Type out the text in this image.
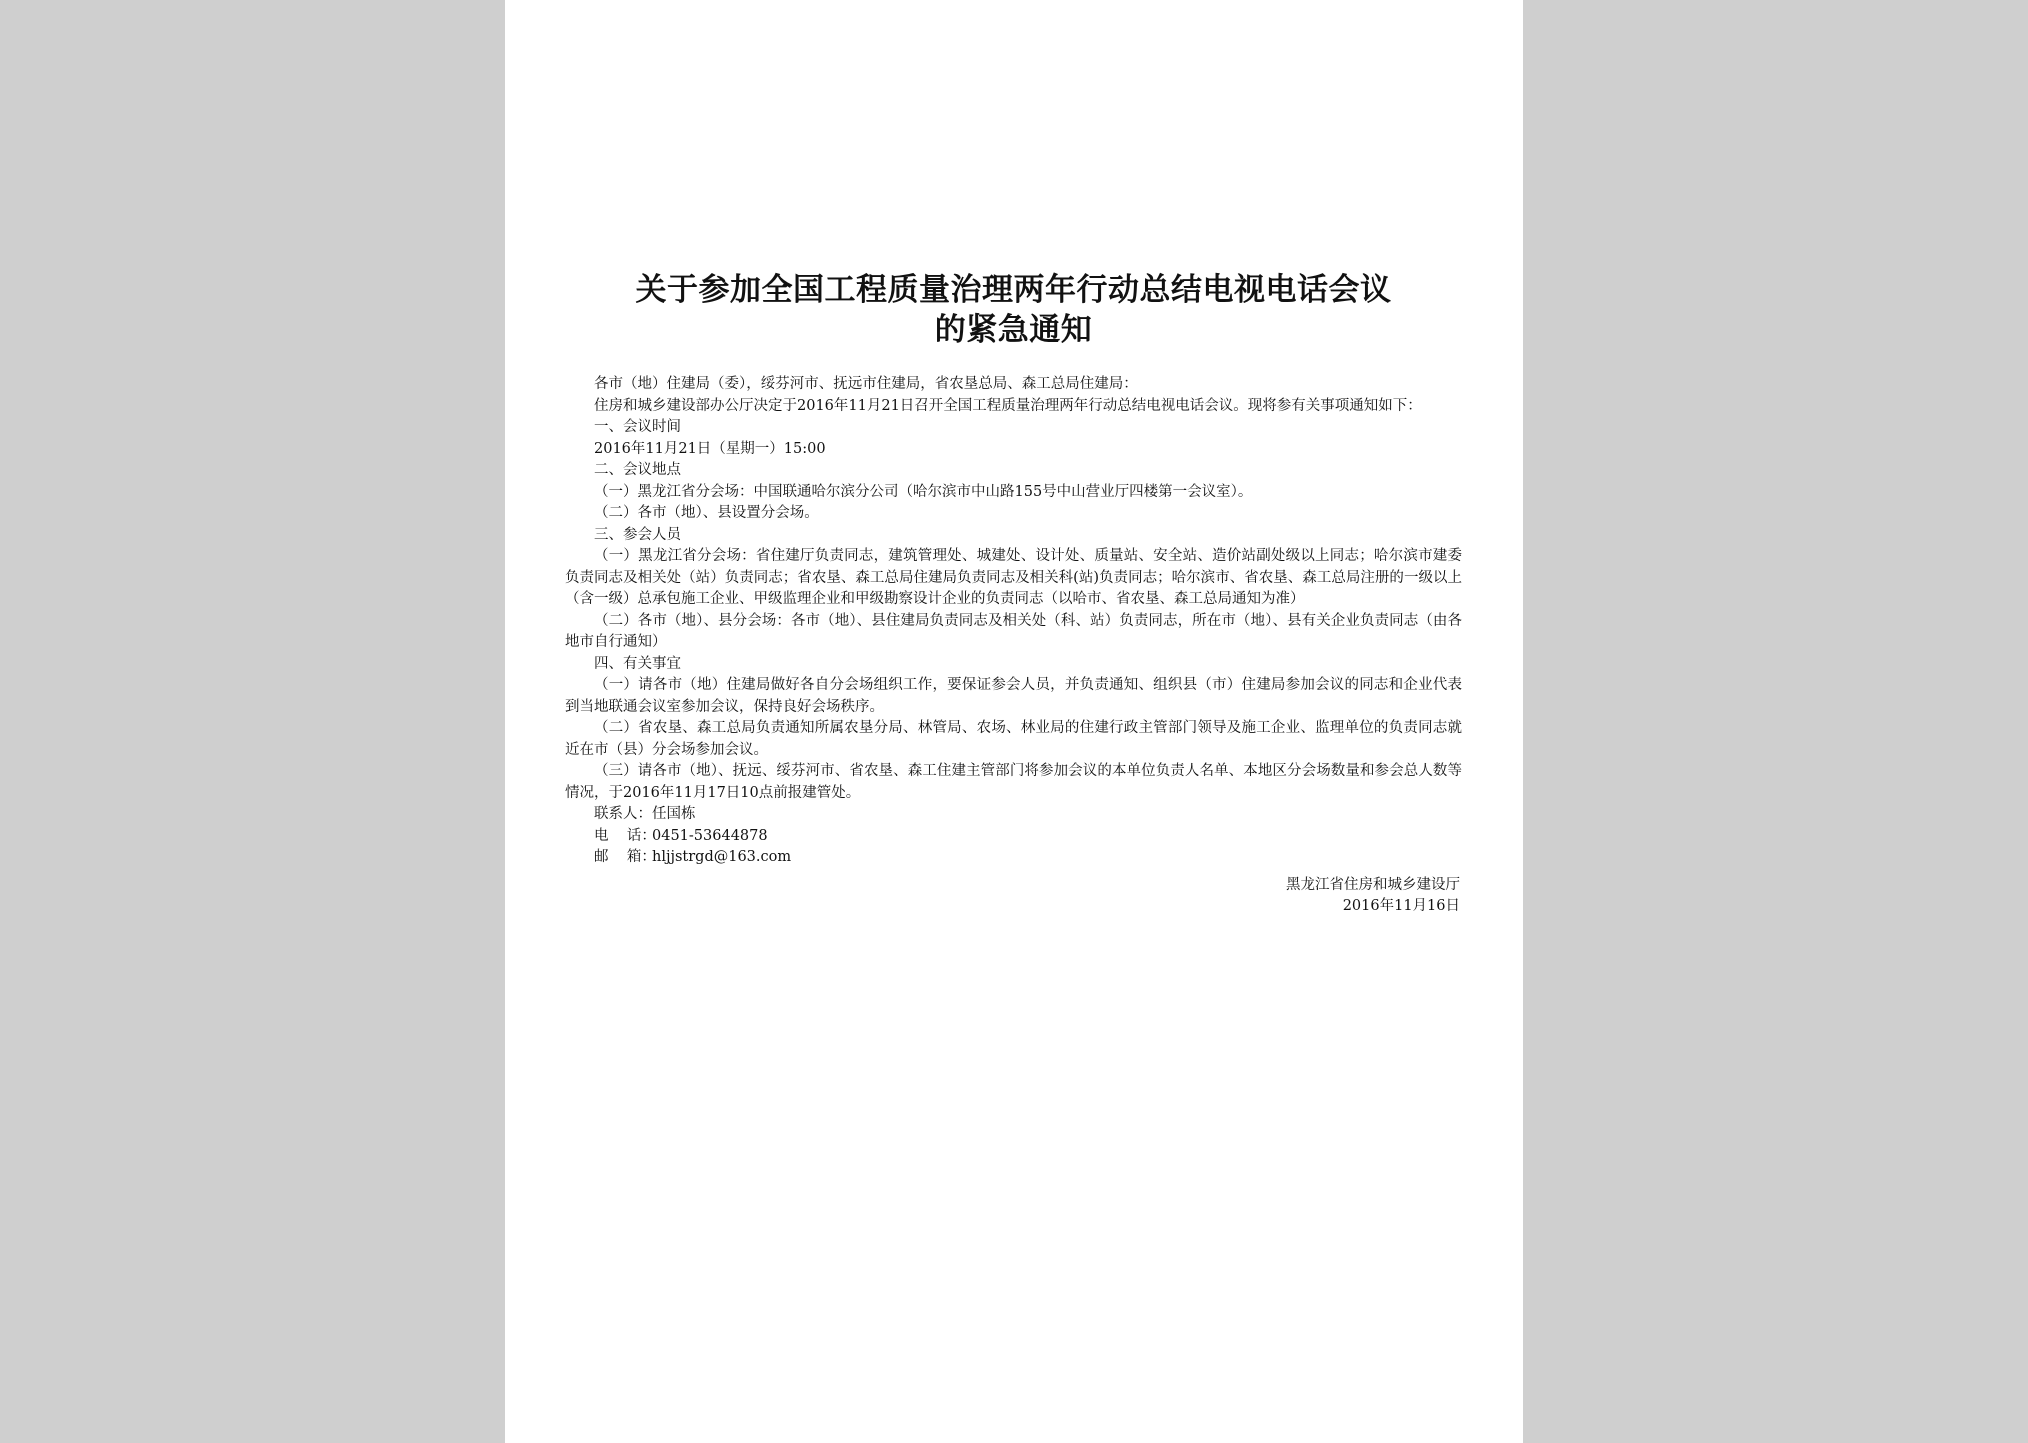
关于参加全国工程质量治理两年行动总结电视电话会议
的紧急通知

各市（地）住建局（委），绥芬河市、抚远市住建局，省农垦总局、森工总局住建局：

住房和城乡建设部办公厅决定于2016年11月21日召开全国工程质量治理两年行动总结电视电话会议。现将参有关事项通知如下：

一、会议时间

2016年11月21日（星期一）15:00

二、会议地点

（一）黑龙江省分会场：中国联通哈尔滨分公司（哈尔滨市中山路155号中山营业厅四楼第一会议室）。

（二）各市（地）、县设置分会场。

三、参会人员

（一）黑龙江省分会场：省住建厅负责同志，建筑管理处、城建处、设计处、质量站、安全站、造价站副处级以上同志；哈尔滨市建委负责同志及相关处（站）负责同志；省农垦、森工总局住建局负责同志及相关科(站)负责同志；哈尔滨市、省农垦、森工总局注册的一级以上（含一级）总承包施工企业、甲级监理企业和甲级勘察设计企业的负责同志（以哈市、省农垦、森工总局通知为准）

（二）各市（地）、县分会场：各市（地）、县住建局负责同志及相关处（科、站）负责同志，所在市（地）、县有关企业负责同志（由各地市自行通知）

四、有关事宜

（一）请各市（地）住建局做好各自分会场组织工作，要保证参会人员，并负责通知、组织县（市）住建局参加会议的同志和企业代表到当地联通会议室参加会议，保持良好会场秩序。

（二）省农垦、森工总局负责通知所属农垦分局、林管局、农场、林业局的住建行政主管部门领导及施工企业、监理单位的负责同志就近在市（县）分会场参加会议。

（三）请各市（地）、抚远、绥芬河市、省农垦、森工住建主管部门将参加会议的本单位负责人名单、本地区分会场数量和参会总人数等情况，于2016年11月17日10点前报建管处。

联系人：任国栋

电    话：0451-53644878

邮    箱：hljjstrgd@163.com

黑龙江省住房和城乡建设厅
2016年11月16日
